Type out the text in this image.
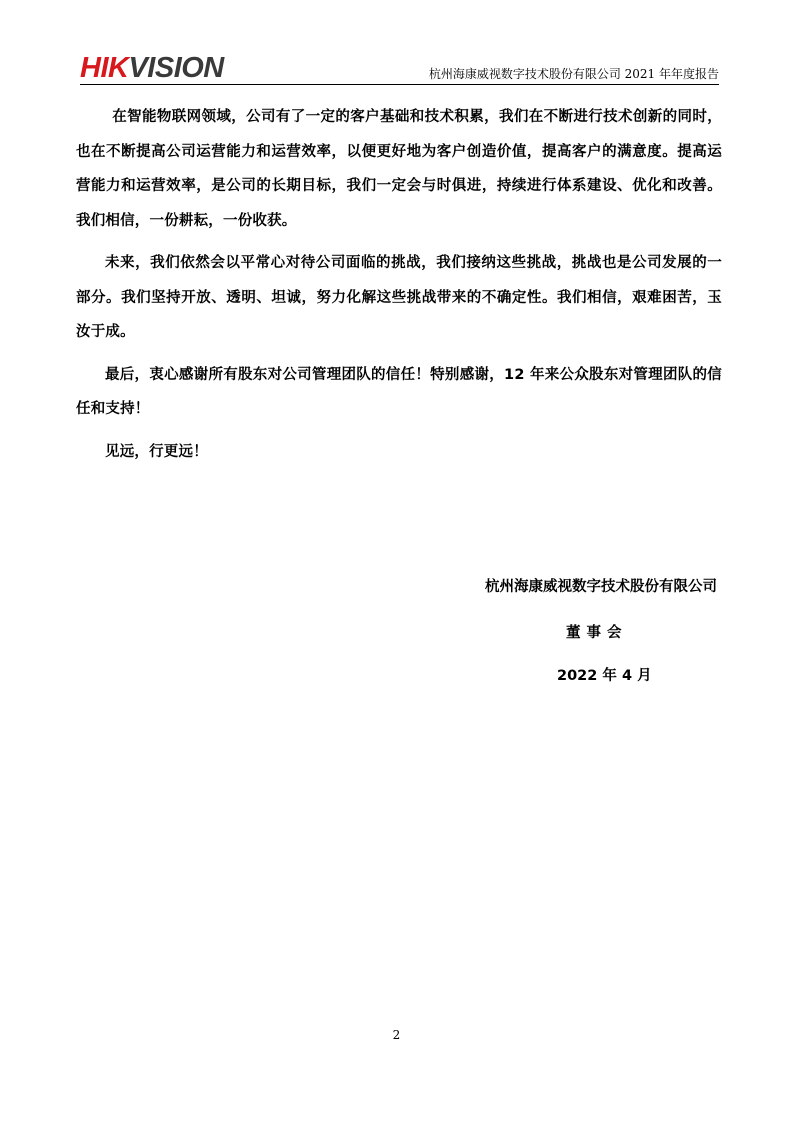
HIKVISION	杭州海康威视数字技术股份有限公司 2021 年年度报告

在智能物联网领域，公司有了一定的客户基础和技术积累，我们在不断进行技术创新的同时，也在不断提高公司运营能力和运营效率，以便更好地为客户创造价值，提高客户的满意度。提高运营能力和运营效率，是公司的长期目标，我们一定会与时俱进，持续进行体系建设、优化和改善。我们相信，一份耕耘，一份收获。

未来，我们依然会以平常心对待公司面临的挑战，我们接纳这些挑战，挑战也是公司发展的一部分。我们坚持开放、透明、坦诚，努力化解这些挑战带来的不确定性。我们相信，艰难困苦，玉汝于成。

最后，衷心感谢所有股东对公司管理团队的信任！特别感谢，12 年来公众股东对管理团队的信任和支持！

见远，行更远！

杭州海康威视数字技术股份有限公司
董事会
2022 年 4 月
2
